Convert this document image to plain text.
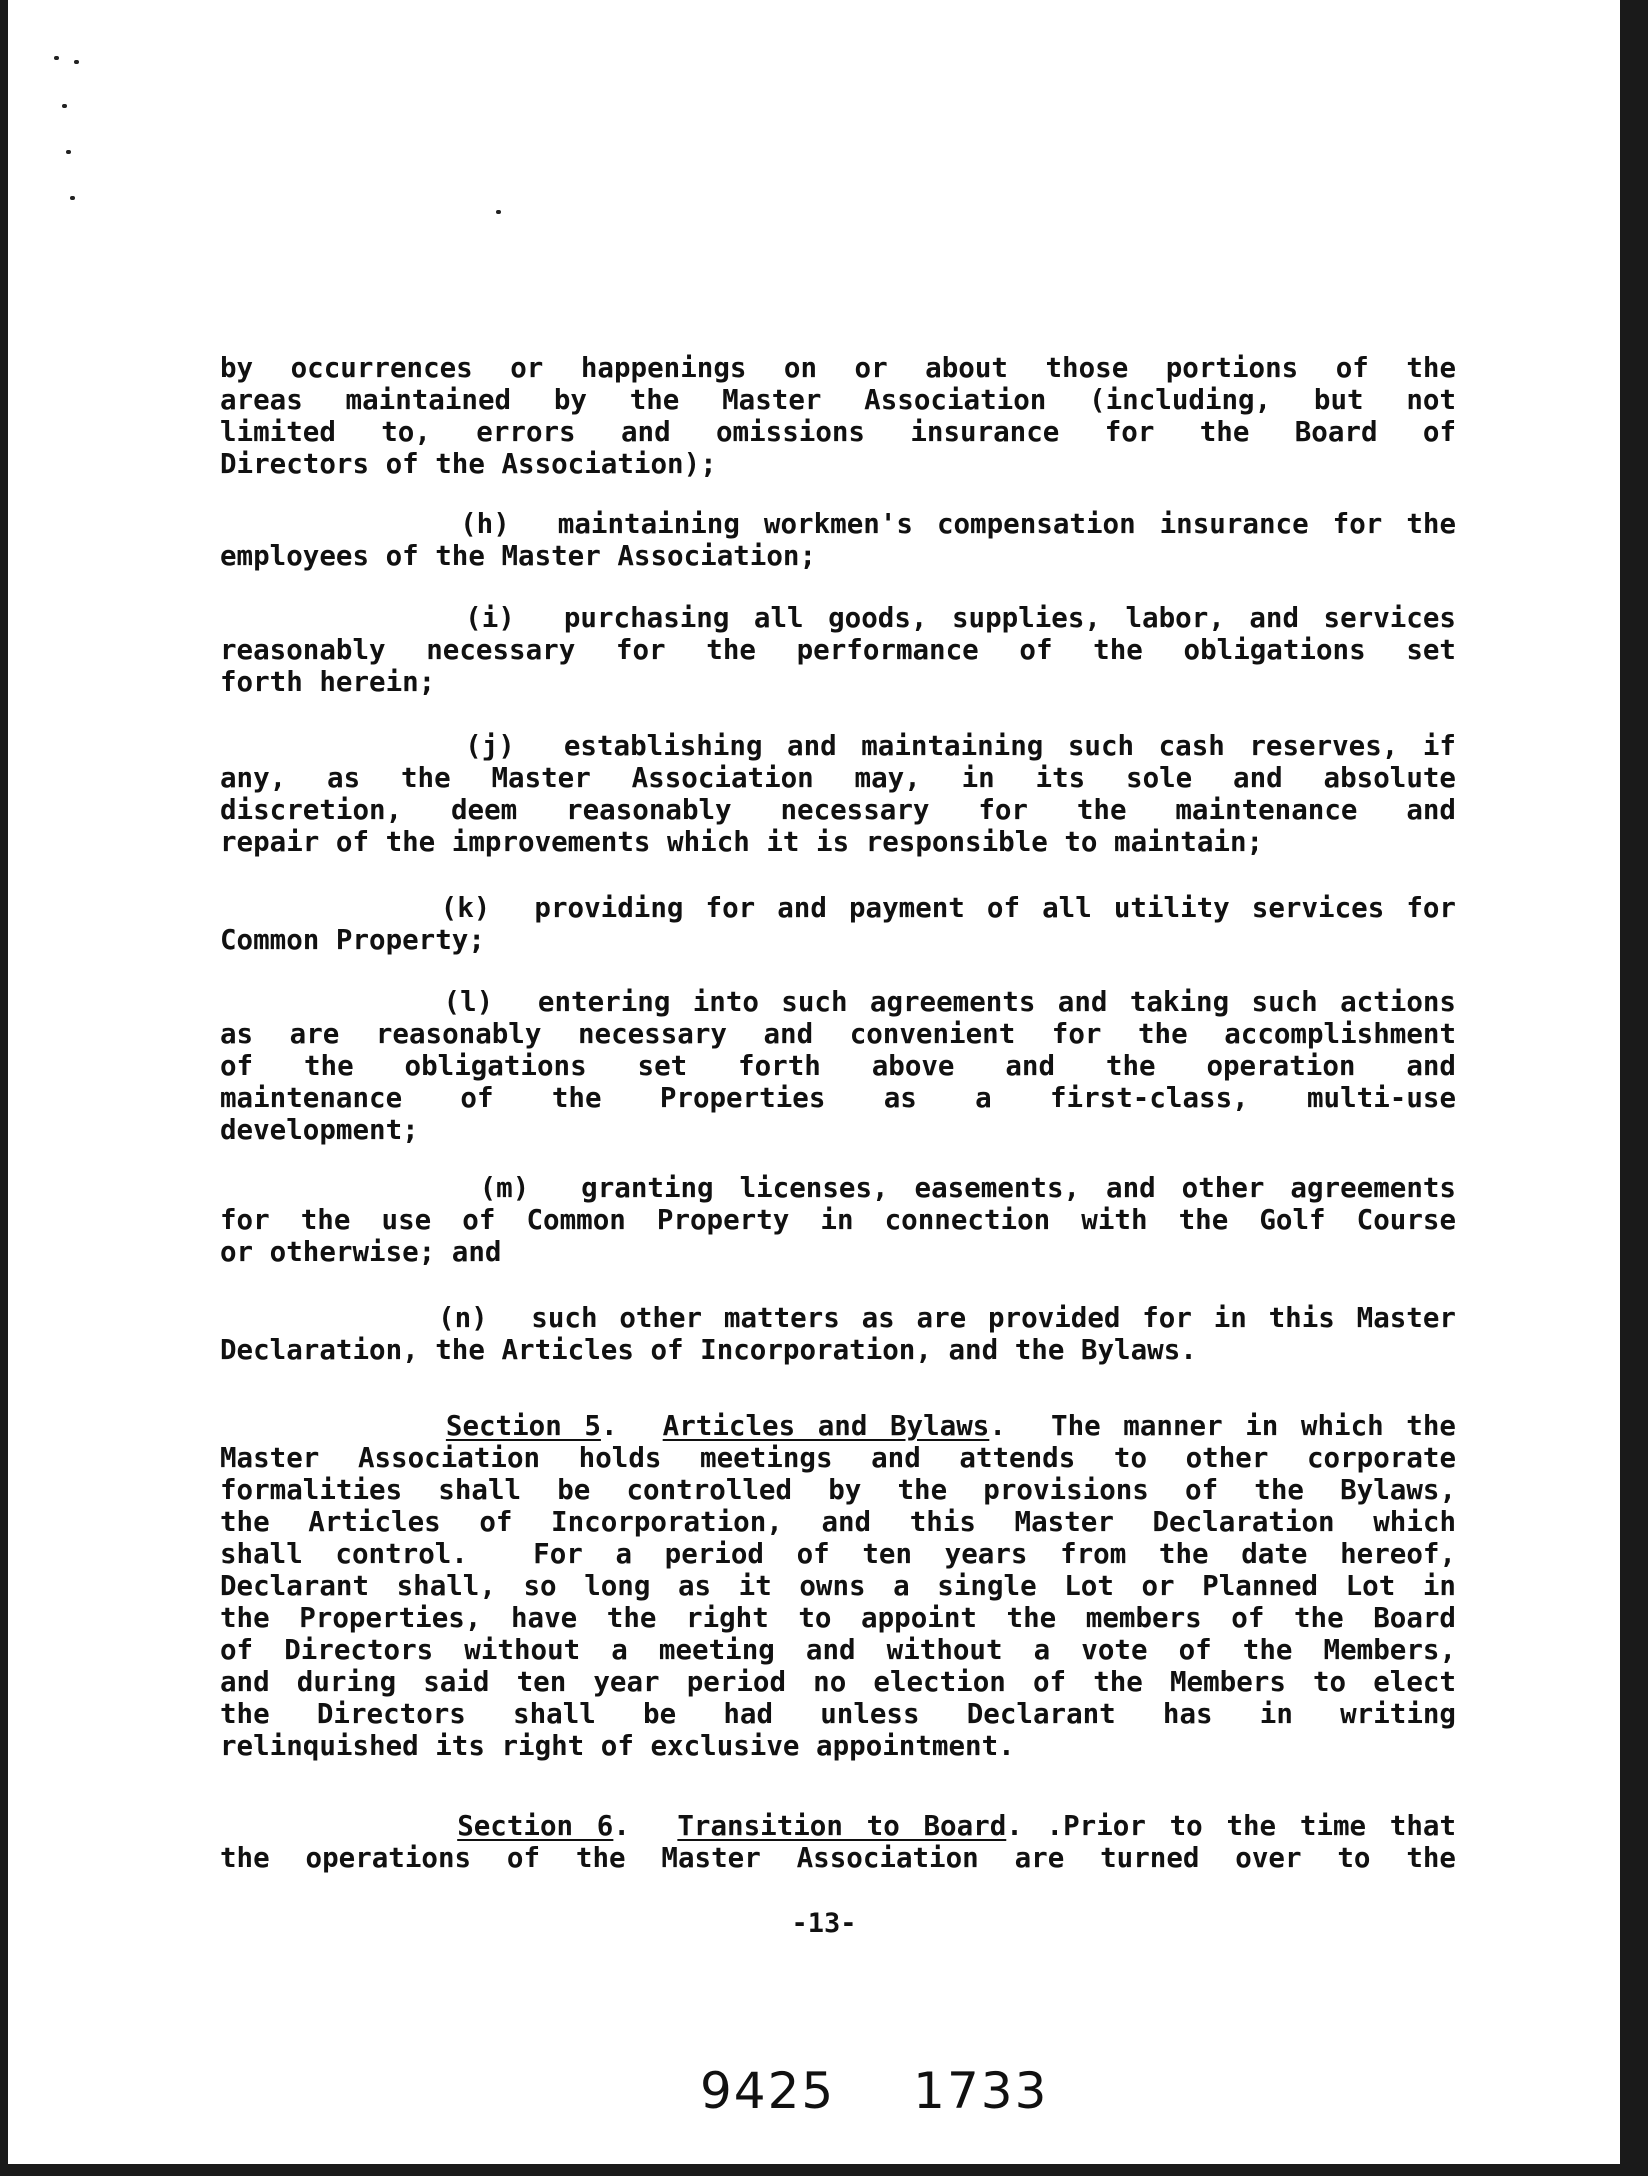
by occurrences or happenings on or about those portions of the
areas maintained by the Master Association (including, but not
limited to, errors and omissions insurance for the Board of
Directors of the Association);
(h)  maintaining workmen's compensation insurance for the
employees of the Master Association;
(i)  purchasing all goods, supplies, labor, and services
reasonably necessary for the performance of the obligations set
forth herein;
(j)  establishing and maintaining such cash reserves, if
any, as the Master Association may, in its sole and absolute
discretion, deem reasonably necessary for the maintenance and
repair of the improvements which it is responsible to maintain;
(k)  providing for and payment of all utility services for
Common Property;
(l)  entering into such agreements and taking such actions
as are reasonably necessary and convenient for the accomplishment
of the obligations set forth above and the operation and
maintenance of the Properties as a first-class, multi-use
development;
(m)  granting licenses, easements, and other agreements
for the use of Common Property in connection with the Golf Course
or otherwise; and
(n)  such other matters as are provided for in this Master
Declaration, the Articles of Incorporation, and the Bylaws.
Section 5.  Articles and Bylaws.  The manner in which the
Master Association holds meetings and attends to other corporate
formalities shall be controlled by the provisions of the Bylaws,
the Articles of Incorporation, and this Master Declaration which
shall control.  For a period of ten years from the date hereof,
Declarant shall, so long as it owns a single Lot or Planned Lot in
the Properties, have the right to appoint the members of the Board
of Directors without a meeting and without a vote of the Members,
and during said ten year period no election of the Members to elect
the Directors shall be had unless Declarant has in writing
relinquished its right of exclusive appointment.
Section 6.  Transition to Board. .Prior to the time that
the operations of the Master Association are turned over to the
-13-
9425 1733
